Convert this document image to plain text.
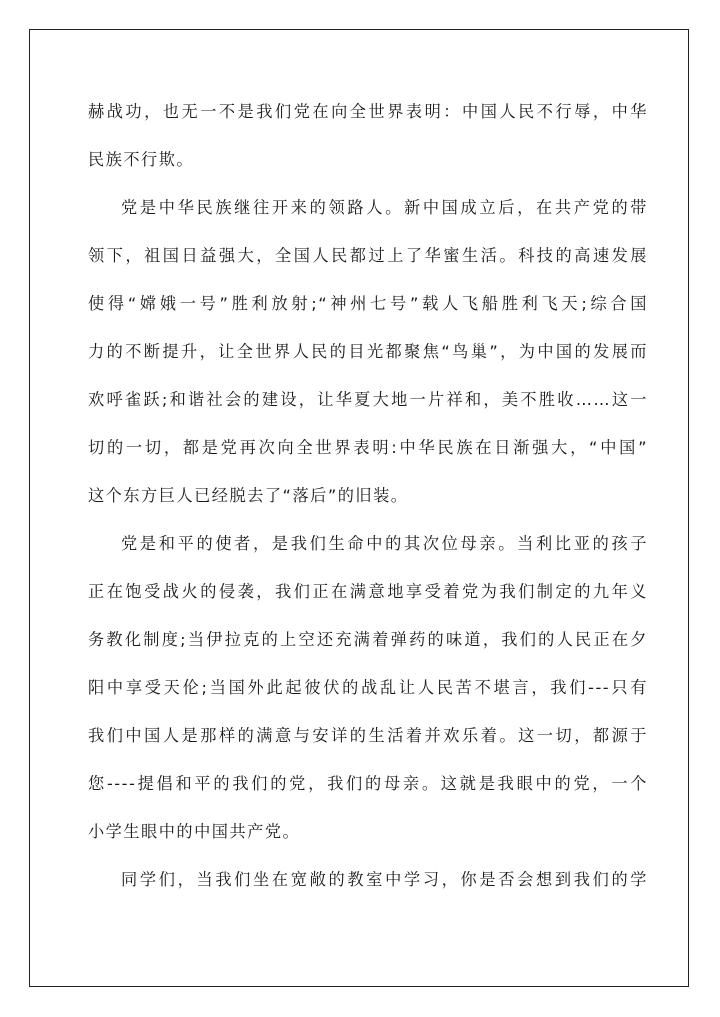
赫战功，也无一不是我们党在向全世界表明：中国人民不行辱，中华
民族不行欺。
党是中华民族继往开来的领路人。新中国成立后，在共产党的带
领下，祖国日益强大，全国人民都过上了华蜜生活。科技的高速发展
使得“嫦娥一号”胜利放射;“神州七号”载人飞船胜利飞天;综合国
力的不断提升，让全世界人民的目光都聚焦“鸟巢”，为中国的发展而
欢呼雀跃;和谐社会的建设，让华夏大地一片祥和，美不胜收……这一
切的一切，都是党再次向全世界表明:中华民族在日渐强大，“中国”
这个东方巨人已经脱去了“落后”的旧装。
党是和平的使者，是我们生命中的其次位母亲。当利比亚的孩子
正在饱受战火的侵袭，我们正在满意地享受着党为我们制定的九年义
务教化制度;当伊拉克的上空还充满着弹药的味道，我们的人民正在夕
阳中享受天伦;当国外此起彼伏的战乱让人民苦不堪言，我们---只有
我们中国人是那样的满意与安详的生活着并欢乐着。这一切，都源于
您----提倡和平的我们的党，我们的母亲。这就是我眼中的党，一个
小学生眼中的中国共产党。
同学们，当我们坐在宽敞的教室中学习，你是否会想到我们的学
